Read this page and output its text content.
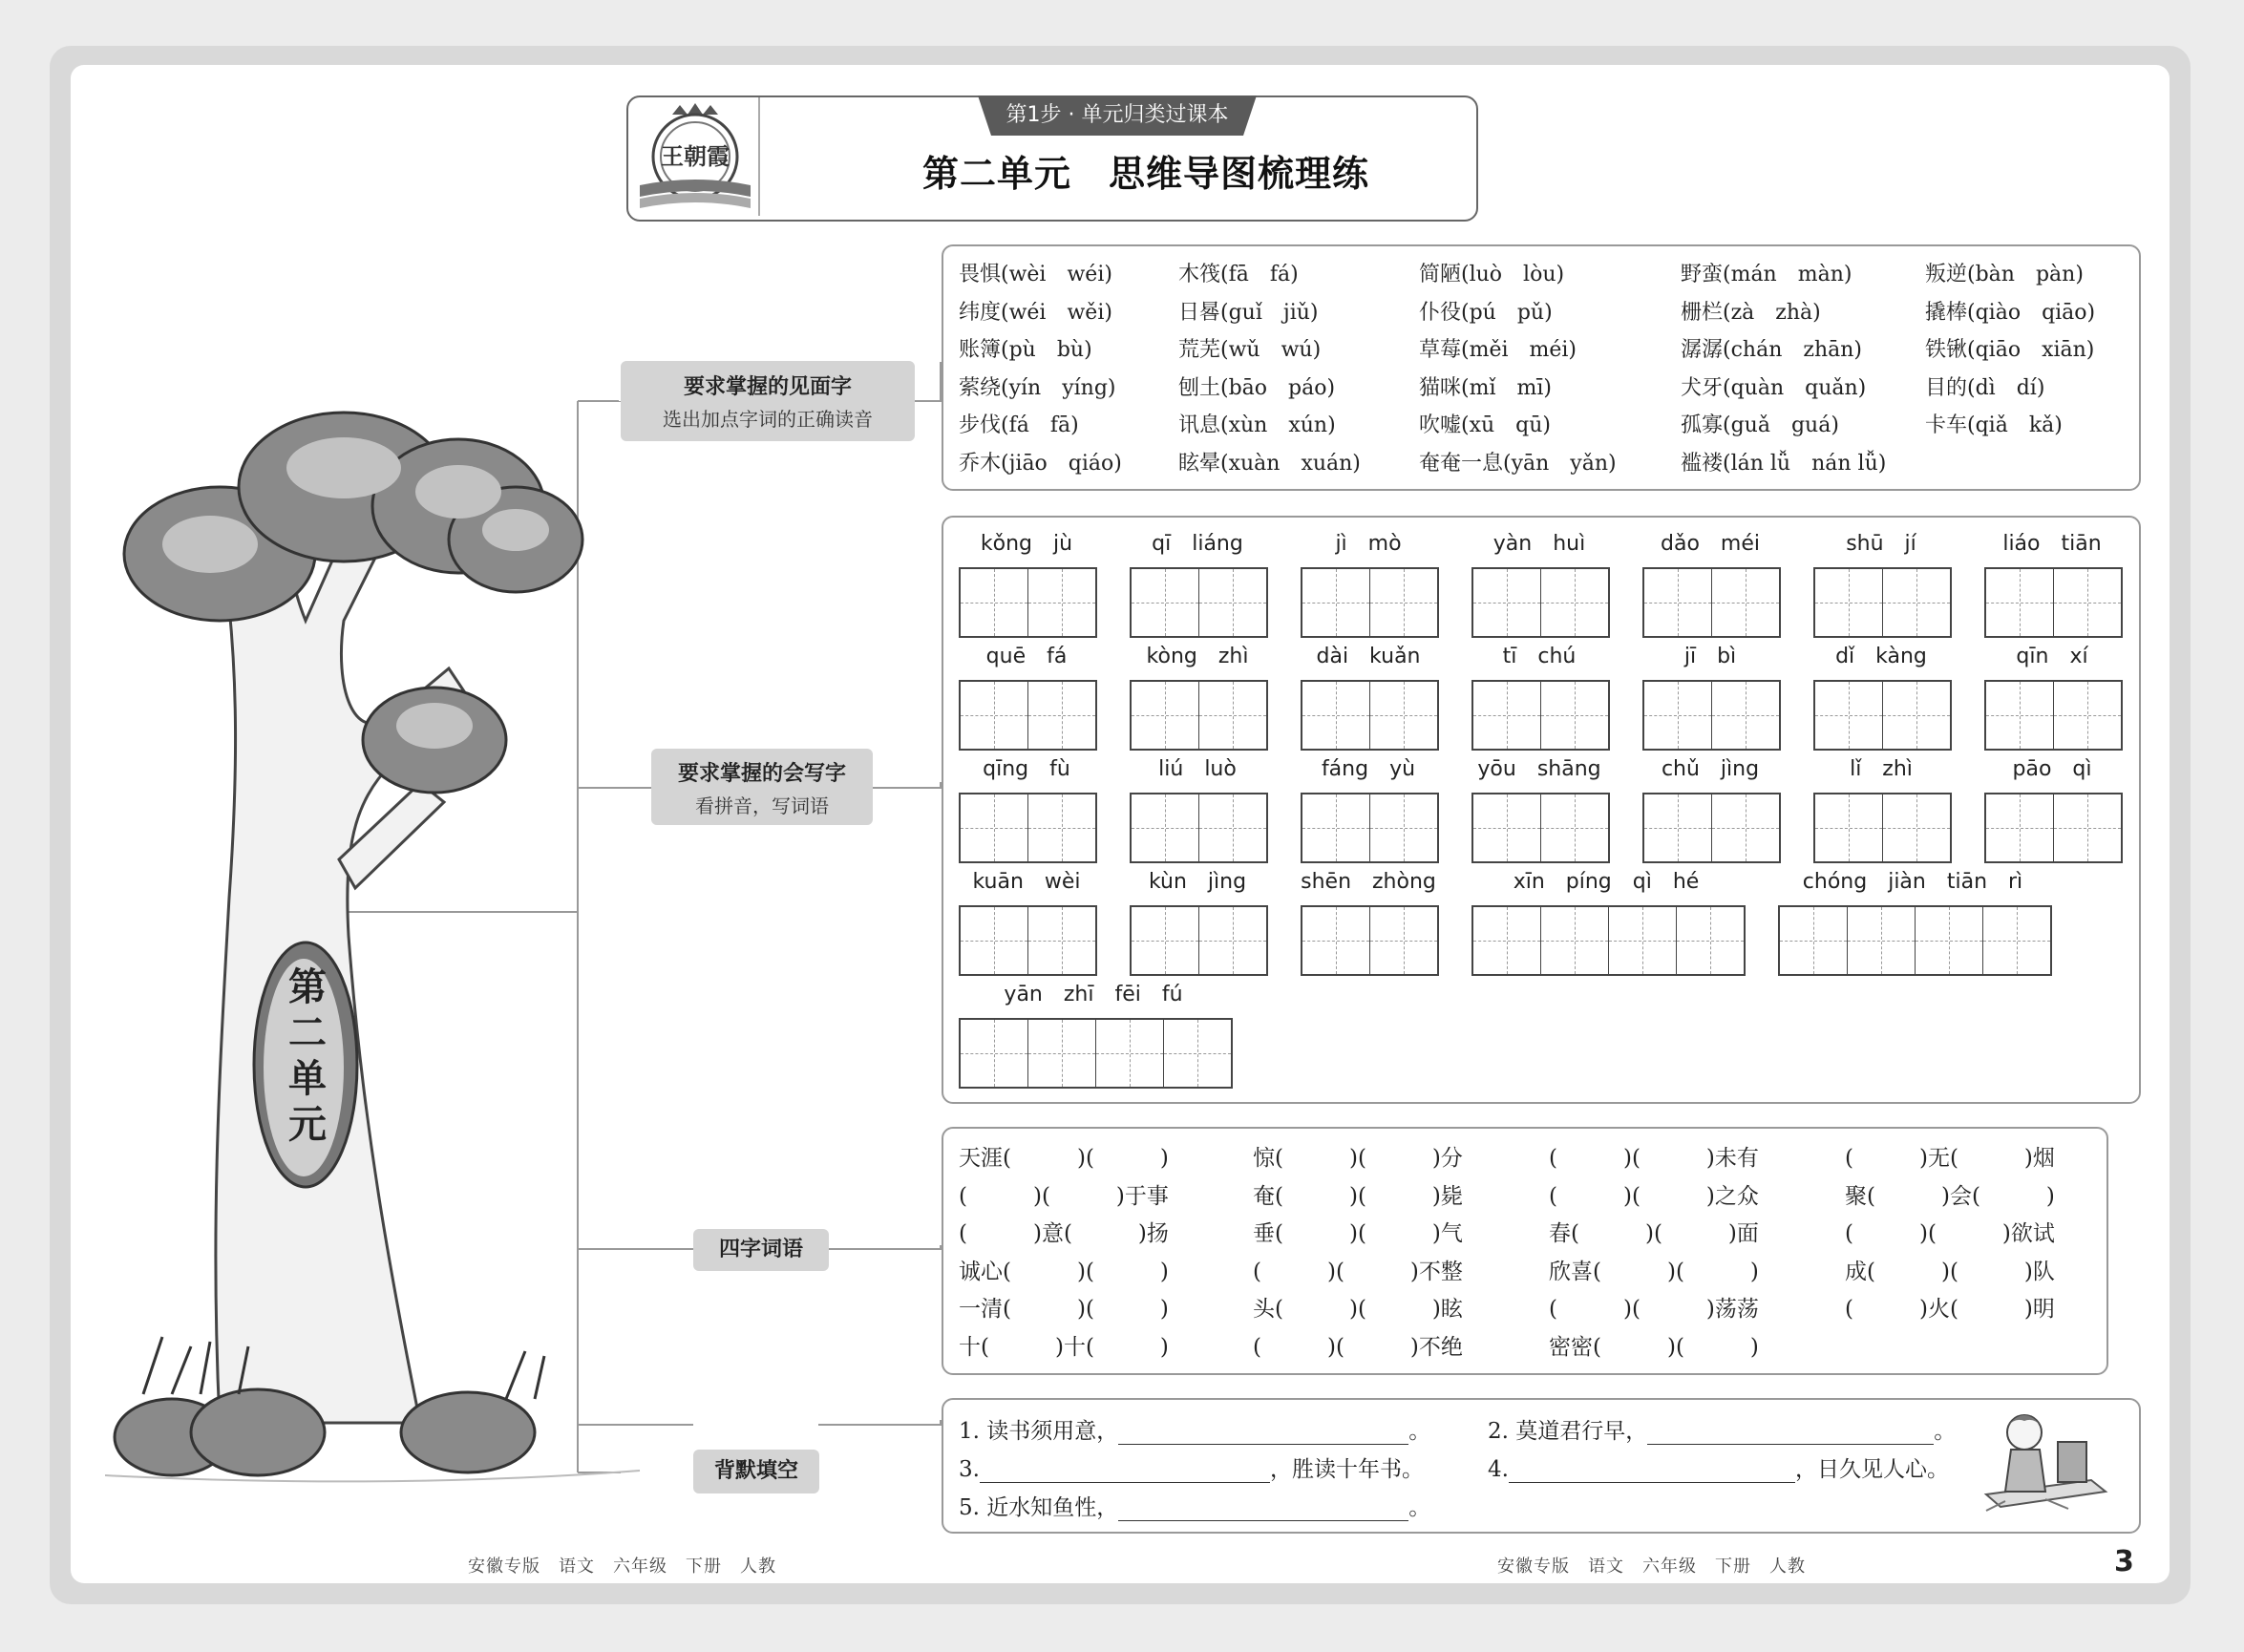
王朝霞
第1步 · 单元归类过课本
第二单元　思维导图梳理练
第二单元
要求掌握的见面字
选出加点字词的正确读音
要求掌握的会写字
看拼音，写词语
四字词语
背默填空
畏惧(wèi　wéi)	木筏(fā　fá)	简陋(luò　lòu)	野蛮(mán　màn)	叛逆(bàn　pàn)
纬度(wéi　wěi)	日晷(guǐ　jiǔ)	仆役(pú　pǔ)	栅栏(zà　zhà)	撬棒(qiào　qiāo)
账簿(pù　bù)	荒芜(wǔ　wú)	草莓(měi　méi)	潺潺(chán　zhān)	铁锹(qiāo　xiān)
萦绕(yín　yíng)	刨土(bāo　páo)	猫咪(mǐ　mī)	犬牙(quàn　quǎn)	目的(dì　dí)
步伐(fá　fā)	讯息(xùn　xún)	吹嘘(xū　qū)	孤寡(guǎ　guá)	卡车(qiǎ　kǎ)
乔木(jiāo　qiáo)	眩晕(xuàn　xuán)	奄奄一息(yān　yǎn)	褴褛(lán lǚ　nán lǚ)
kǒng　jù	qī　liáng	jì　mò	yàn　huì	dǎo　méi	shū　jí	liáo　tiān
quē　fá	kòng　zhì	dài　kuǎn	tī　chú	jī　bì	dǐ　kàng	qīn　xí
qīng　fù	liú　luò	fáng　yù	yōu　shāng	chǔ　jìng	lǐ　zhì	pāo　qì
kuān　wèi	kùn　jìng	shēn　zhòng	xīn　píng　qì　hé	chóng　jiàn　tiān　rì
yān　zhī　fēi　fú
天涯(　　　)(　　　)	惊(　　　)(　　　)分	(　　　)(　　　)未有	(　　　)无(　　　)烟
(　　　)(　　　)于事	奄(　　　)(　　　)毙	(　　　)(　　　)之众	聚(　　　)会(　　　)
(　　　)意(　　　)扬	垂(　　　)(　　　)气	春(　　　)(　　　)面	(　　　)(　　　)欲试
诚心(　　　)(　　　)	(　　　)(　　　)不整	欣喜(　　　)(　　　)	成(　　　)(　　　)队
一清(　　　)(　　　)	头(　　　)(　　　)眩	(　　　)(　　　)荡荡	(　　　)火(　　　)明
十(　　　)十(　　　)	(　　　)(　　　)不绝	密密(　　　)(　　　)
1. 读书须用意，	。	2. 莫道君行早，	。
3.	，胜读十年书。	4.	，日久见人心。
5. 近水知鱼性，	。
安徽专版　语文　六年级　下册　人教	安徽专版　语文　六年级　下册　人教	3
